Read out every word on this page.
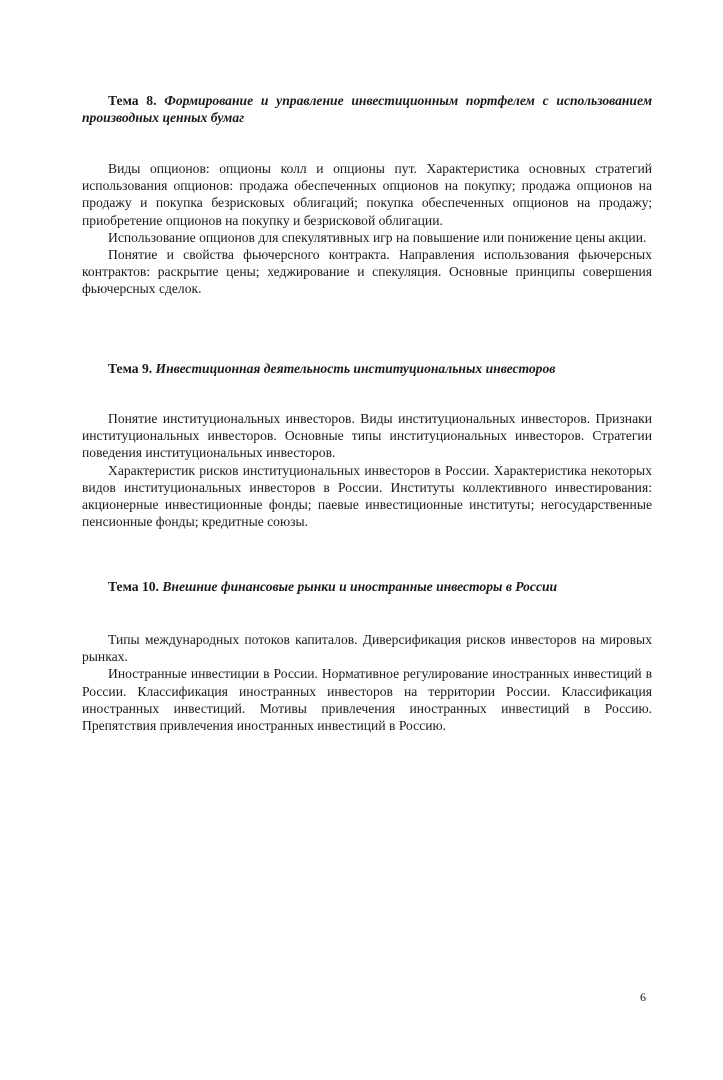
Тема 8. Формирование и управление инвестиционным портфелем с использованием производных ценных бумаг

Виды опционов: опционы колл и опционы пут. Характеристика основных стратегий использования опционов: продажа обеспеченных опционов на покупку; продажа опционов на продажу и покупка безрисковых облигаций; покупка обеспеченных опционов на продажу; приобретение опционов на покупку и безрисковой облигации.

Использование опционов для спекулятивных игр на повышение или понижение цены акции.

Понятие и свойства фьючерсного контракта. Направления использования фьючерсных контрактов: раскрытие цены; хеджирование и спекуляция. Основные принципы совершения фьючерсных сделок.

Тема 9. Инвестиционная деятельность институциональных инвесторов

Понятие институциональных инвесторов. Виды институциональных инвесторов. Признаки институциональных инвесторов. Основные типы институциональных инвесторов. Стратегии поведения институциональных инвесторов.

Характеристик рисков институциональных инвесторов в России. Характеристика некоторых видов институциональных инвесторов в России. Институты коллективного инвестирования: акционерные инвестиционные фонды; паевые инвестиционные институты; негосударственные пенсионные фонды; кредитные союзы.

Тема 10. Внешние финансовые рынки и иностранные инвесторы в России

Типы международных потоков капиталов. Диверсификация рисков инвесторов на мировых рынках.

Иностранные инвестиции в России. Нормативное регулирование иностранных инвестиций в России. Классификация иностранных инвесторов на территории России. Классификация иностранных инвестиций. Мотивы привлечения иностранных инвестиций в Россию. Препятствия привлечения иностранных инвестиций в Россию.

6
